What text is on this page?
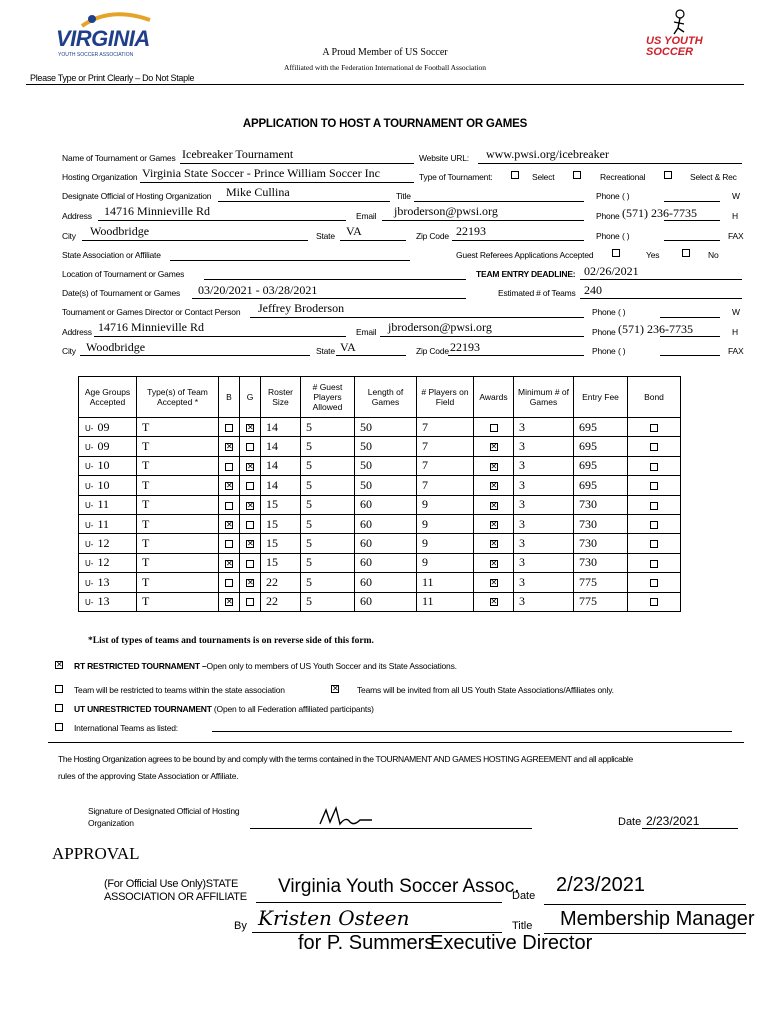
VIRGINIA
YOUTH SOCCER ASSOCIATION	A Proud Member of US Soccer
Affiliated with the Federation International de Football Association
US YOUTH SOCCER
Please Type or Print Clearly – Do Not Staple
APPLICATION TO HOST A TOURNAMENT OR GAMES
Name of Tournament or Games Icebreaker Tournament	Website URL: www.pwsi.org/icebreaker
Hosting Organization Virginia State Soccer - Prince William Soccer Inc	Type of Tournament:	Select	Recreational	Select & Rec
Designate Official of Hosting Organization Mike Cullina	Title	Phone ( )	W
Address 14716 Minnieville Rd	Email jbroderson@pwsi.org	Phone (571) 236-7735	H
City Woodbridge	State VA	Zip Code 22193	Phone ( )	FAX
State Association or Affiliate	Guest Referees Applications Accepted	Yes	No
Location of Tournament or Games	TEAM ENTRY DEADLINE: 02/26/2021
Date(s) of Tournament or Games 03/20/2021 - 03/28/2021	Estimated # of Teams 240
Tournament or Games Director or Contact Person Jeffrey Broderson	Phone ( )	W
Address 14716 Minnieville Rd	Email jbroderson@pwsi.org	Phone (571) 236-7735	H
City Woodbridge	State VA	Zip Code 22193	Phone ( )	FAX
Age Groups Accepted	Type(s) of Team Accepted *	B	G	Roster Size	# Guest Players Allowed	Length of Games	# Players on Field	Awards	Minimum # of Games	Entry Fee	Bond
U- 09	T		✕	14	5	50	7		3	695	
U- 09	T	✕		14	5	50	7	✕	3	695	
U- 10	T		✕	14	5	50	7	✕	3	695	
U- 10	T	✕		14	5	50	7	✕	3	695	
U- 11	T		✕	15	5	60	9	✕	3	730	
U- 11	T	✕		15	5	60	9	✕	3	730	
U- 12	T		✕	15	5	60	9	✕	3	730	
U- 12	T	✕		15	5	60	9	✕	3	730	
U- 13	T		✕	22	5	60	11	✕	3	775	
U- 13	T	✕		22	5	60	11	✕	3	775	
*List of types of teams and tournaments is on reverse side of this form.
✕
RT RESTRICTED TOURNAMENT –Open only to members of US Youth Soccer and its State Associations.
Team will be restricted to teams within the state association ✕	Teams will be invited from all US Youth State Associations/Affiliates only.
UT UNRESTRICTED TOURNAMENT (Open to all Federation affiliated participants)
International Teams as listed:
The Hosting Organization agrees to be bound by and comply with the terms contained in the TOURNAMENT AND GAMES HOSTING AGREEMENT and all applicable
rules of the approving State Association or Affiliate.
Signature of Designated Official of Hosting
Organization	Date 2/23/2021
APPROVAL
(For Official Use Only)STATE
ASSOCIATION OR AFFILIATE Virginia Youth Soccer Assoc.
Date 2/23/2021
By Kristen Osteen	Title Membership Manager
for P. Summers
Executive Director
